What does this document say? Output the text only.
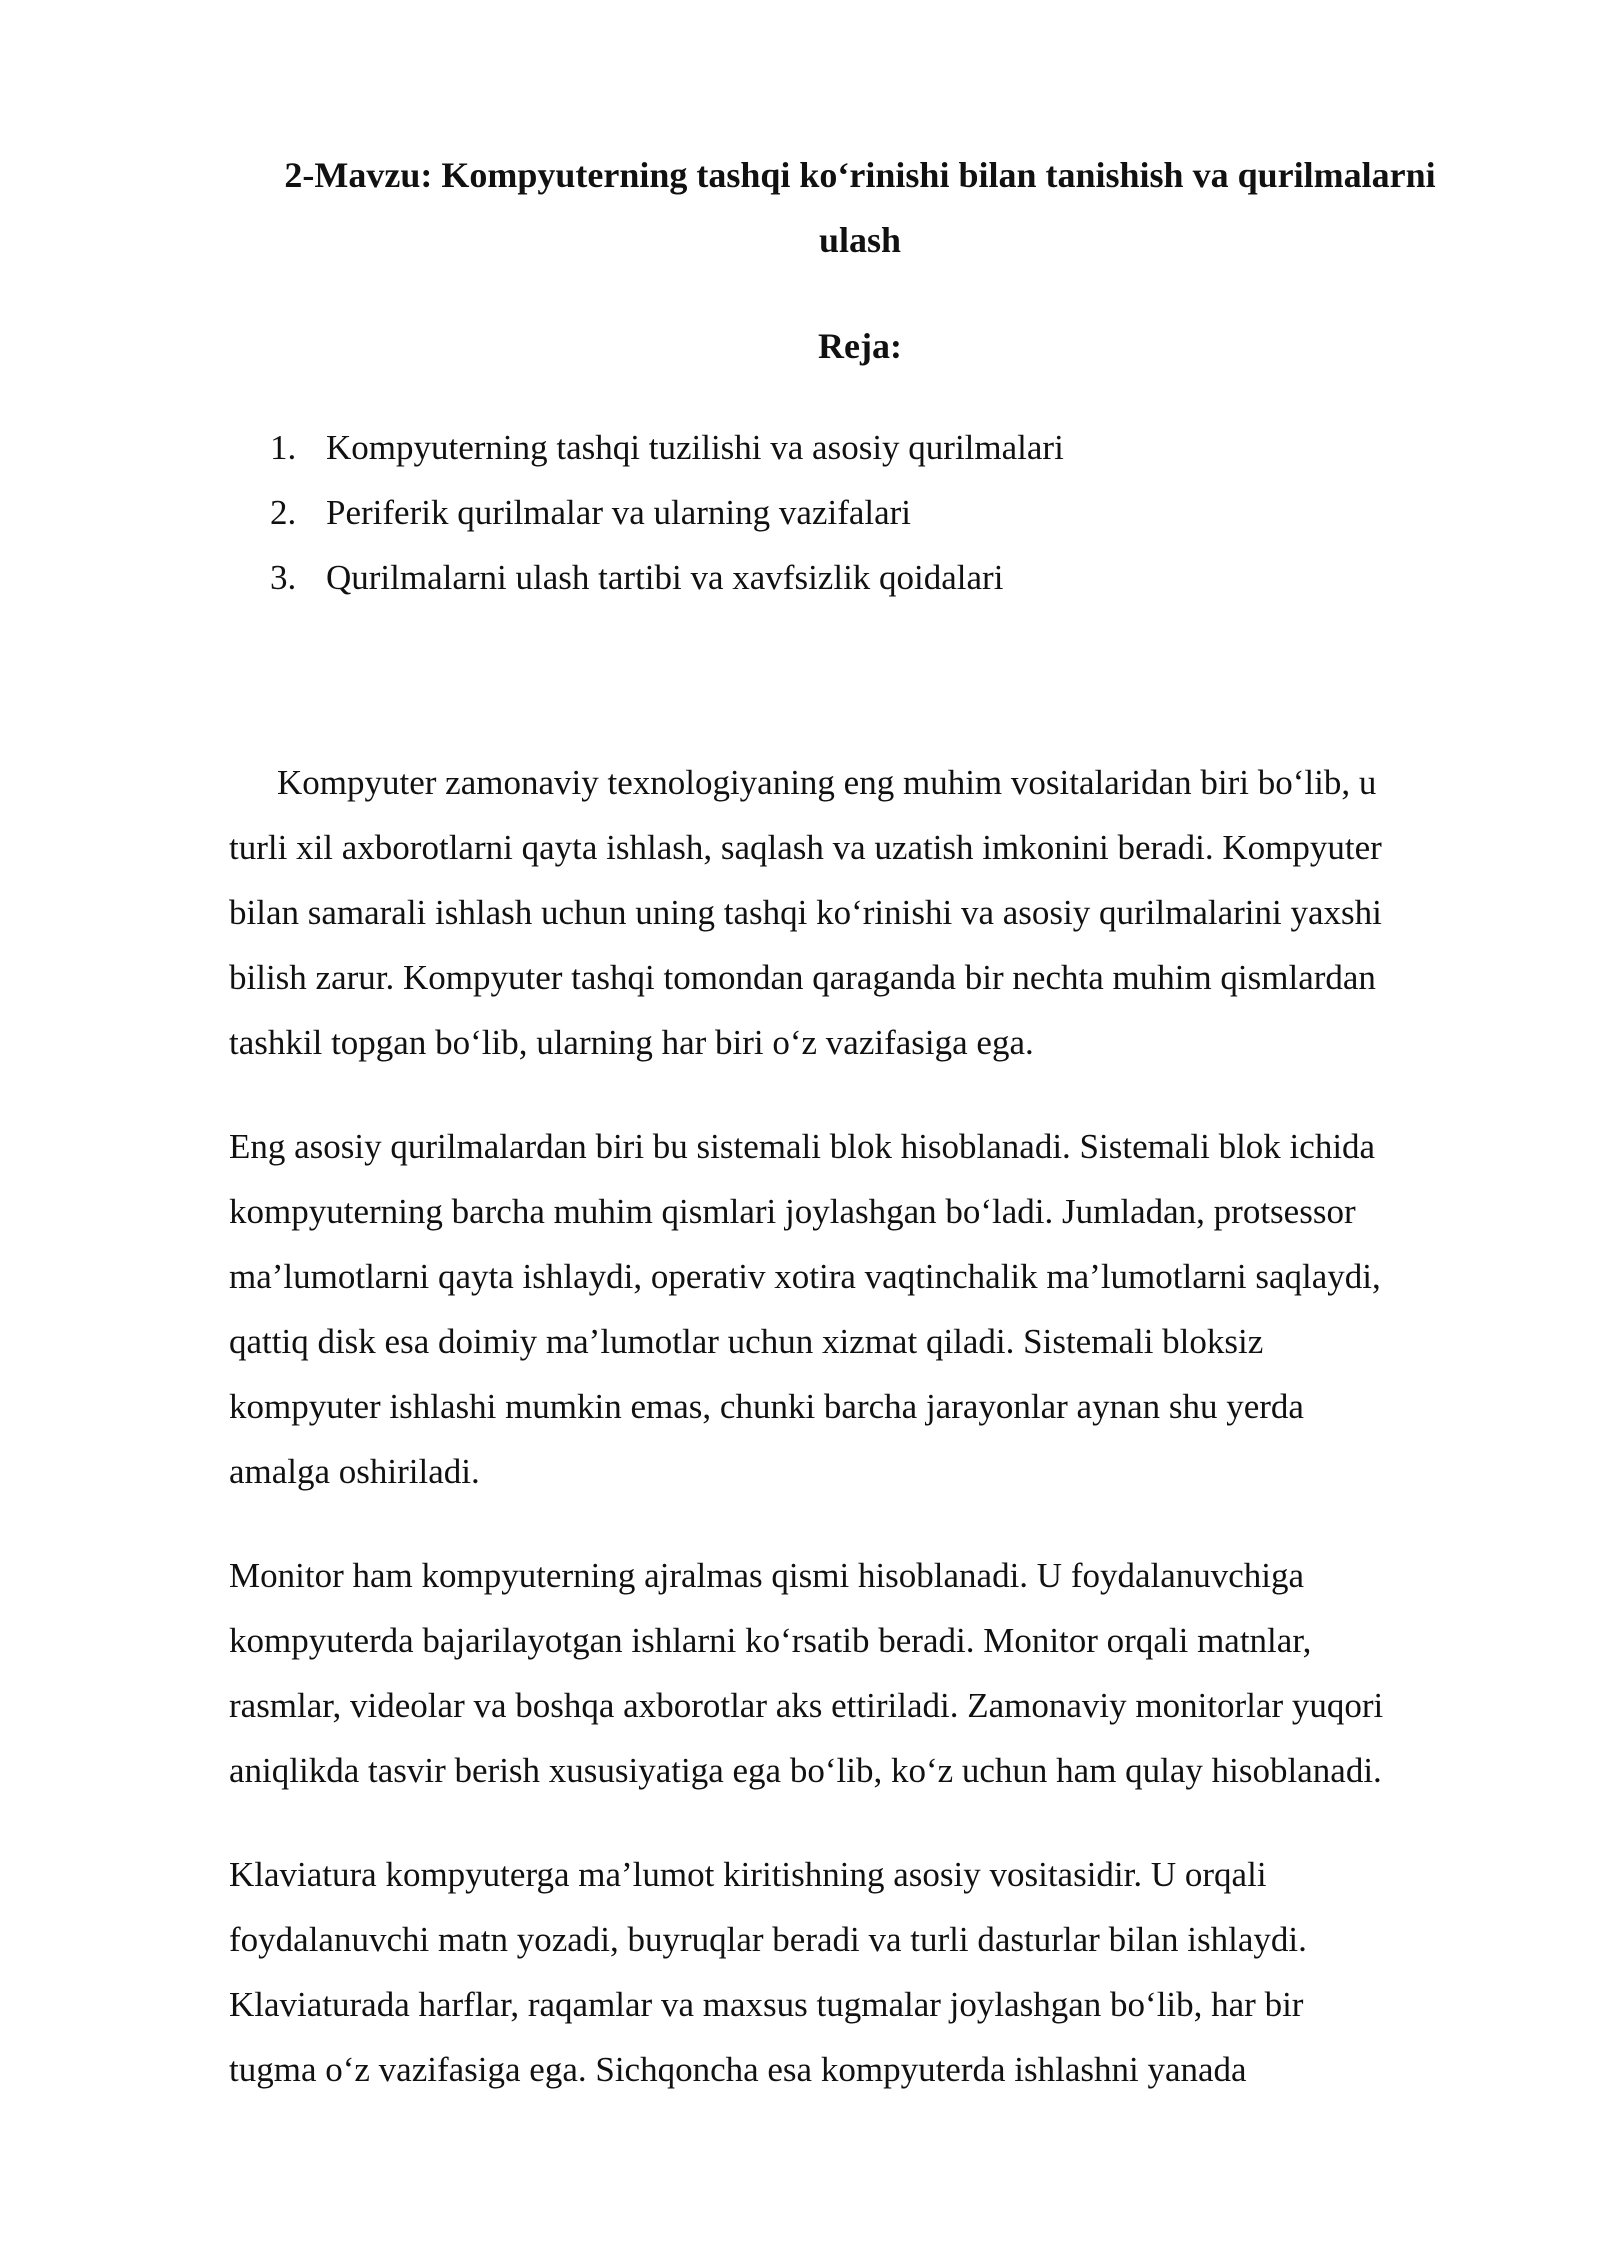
2-Mavzu: Kompyuterning tashqi ko‘rinishi bilan tanishish va qurilmalarni
ulash
Reja:
1. Kompyuterning tashqi tuzilishi va asosiy qurilmalari
2. Periferik qurilmalar va ularning vazifalari
3. Qurilmalarni ulash tartibi va xavfsizlik qoidalari

Kompyuter zamonaviy texnologiyaning eng muhim vositalaridan biri bo‘lib, u
turli xil axborotlarni qayta ishlash, saqlash va uzatish imkonini beradi. Kompyuter
bilan samarali ishlash uchun uning tashqi ko‘rinishi va asosiy qurilmalarini yaxshi
bilish zarur. Kompyuter tashqi tomondan qaraganda bir nechta muhim qismlardan
tashkil topgan bo‘lib, ularning har biri o‘z vazifasiga ega.

Eng asosiy qurilmalardan biri bu sistemali blok hisoblanadi. Sistemali blok ichida
kompyuterning barcha muhim qismlari joylashgan bo‘ladi. Jumladan, protsessor
ma’lumotlarni qayta ishlaydi, operativ xotira vaqtinchalik ma’lumotlarni saqlaydi,
qattiq disk esa doimiy ma’lumotlar uchun xizmat qiladi. Sistemali bloksiz
kompyuter ishlashi mumkin emas, chunki barcha jarayonlar aynan shu yerda
amalga oshiriladi.

Monitor ham kompyuterning ajralmas qismi hisoblanadi. U foydalanuvchiga
kompyuterda bajarilayotgan ishlarni ko‘rsatib beradi. Monitor orqali matnlar,
rasmlar, videolar va boshqa axborotlar aks ettiriladi. Zamonaviy monitorlar yuqori
aniqlikda tasvir berish xususiyatiga ega bo‘lib, ko‘z uchun ham qulay hisoblanadi.

Klaviatura kompyuterga ma’lumot kiritishning asosiy vositasidir. U orqali
foydalanuvchi matn yozadi, buyruqlar beradi va turli dasturlar bilan ishlaydi.
Klaviaturada harflar, raqamlar va maxsus tugmalar joylashgan bo‘lib, har bir
tugma o‘z vazifasiga ega. Sichqoncha esa kompyuterda ishlashni yanada
